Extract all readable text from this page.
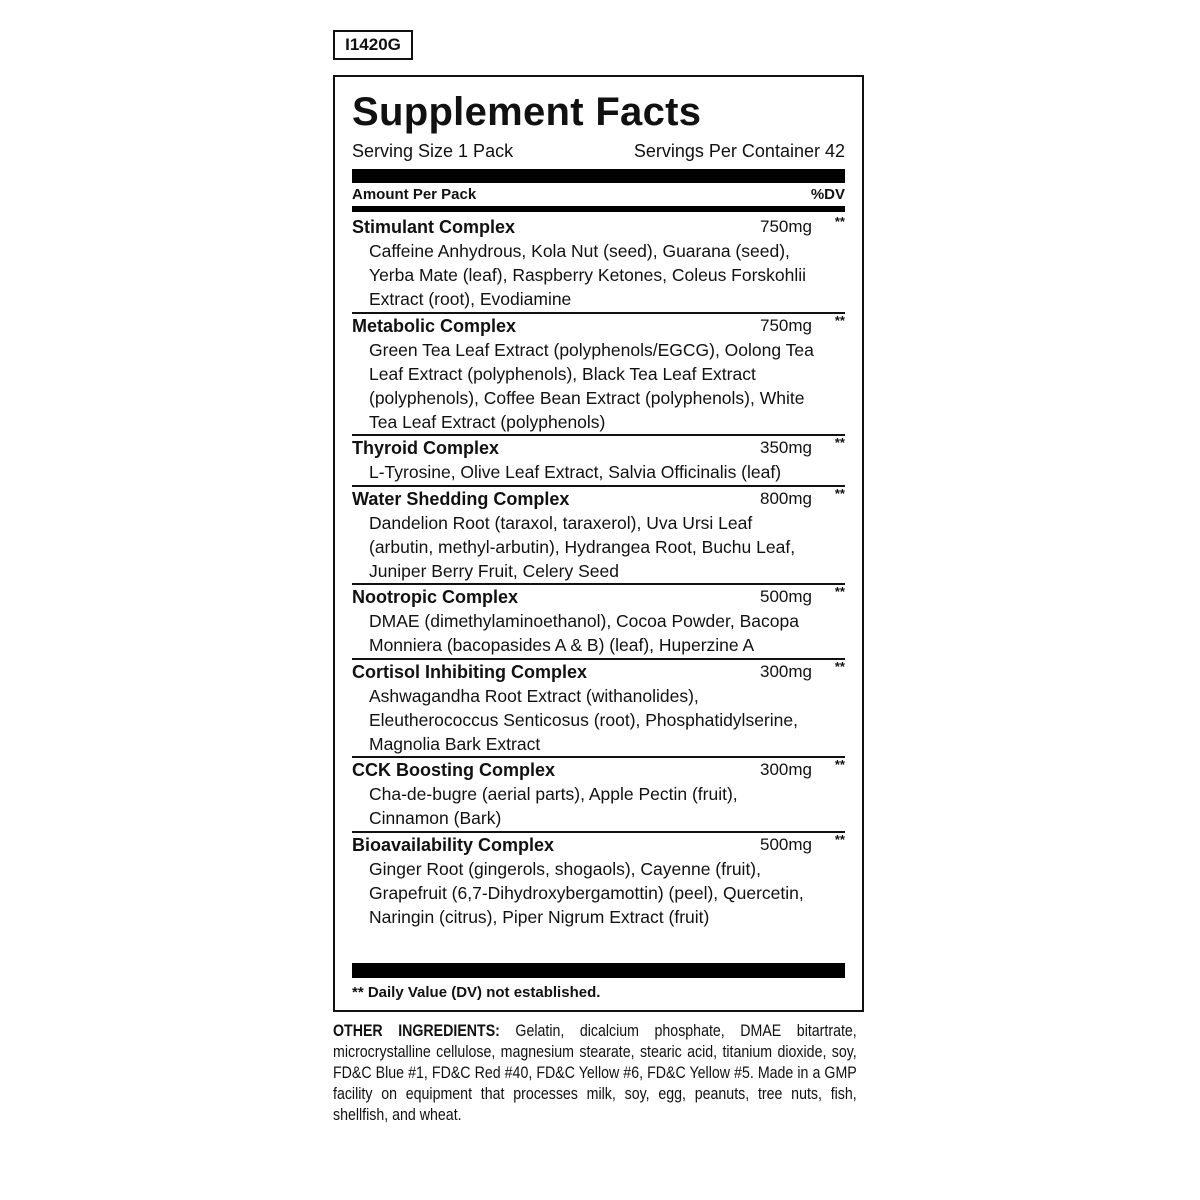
I1420G
Supplement Facts
Serving Size 1 Pack	Servings Per Container 42
Amount Per Pack	%DV
Stimulant Complex	750mg **
Caffeine Anhydrous, Kola Nut (seed), Guarana (seed), Yerba Mate (leaf), Raspberry Ketones, Coleus Forskohlii Extract (root), Evodiamine
Metabolic Complex	750mg **
Green Tea Leaf Extract (polyphenols/EGCG), Oolong Tea Leaf Extract (polyphenols), Black Tea Leaf Extract (polyphenols), Coffee Bean Extract (polyphenols), White Tea Leaf Extract (polyphenols)
Thyroid Complex	350mg **
L-Tyrosine, Olive Leaf Extract, Salvia Officinalis (leaf)
Water Shedding Complex	800mg **
Dandelion Root (taraxol, taraxerol), Uva Ursi Leaf (arbutin, methyl-arbutin), Hydrangea Root, Buchu Leaf, Juniper Berry Fruit, Celery Seed
Nootropic Complex	500mg **
DMAE (dimethylaminoethanol), Cocoa Powder, Bacopa Monniera (bacopasides A & B) (leaf), Huperzine A
Cortisol Inhibiting Complex	300mg **
Ashwagandha Root Extract (withanolides), Eleutherococcus Senticosus (root), Phosphatidylserine, Magnolia Bark Extract
CCK Boosting Complex	300mg **
Cha-de-bugre (aerial parts), Apple Pectin (fruit), Cinnamon (Bark)
Bioavailability Complex	500mg **
Ginger Root (gingerols, shogaols), Cayenne (fruit), Grapefruit (6,7-Dihydroxybergamottin) (peel), Quercetin, Naringin (citrus), Piper Nigrum Extract (fruit)
** Daily Value (DV) not established.
OTHER INGREDIENTS: Gelatin, dicalcium phosphate, DMAE bitartrate, microcrystalline cellulose, magnesium stearate, stearic acid, titanium dioxide, soy, FD&C Blue #1, FD&C Red #40, FD&C Yellow #6, FD&C Yellow #5. Made in a GMP facility on equipment that processes milk, soy, egg, peanuts, tree nuts, fish, shellfish, and wheat.
